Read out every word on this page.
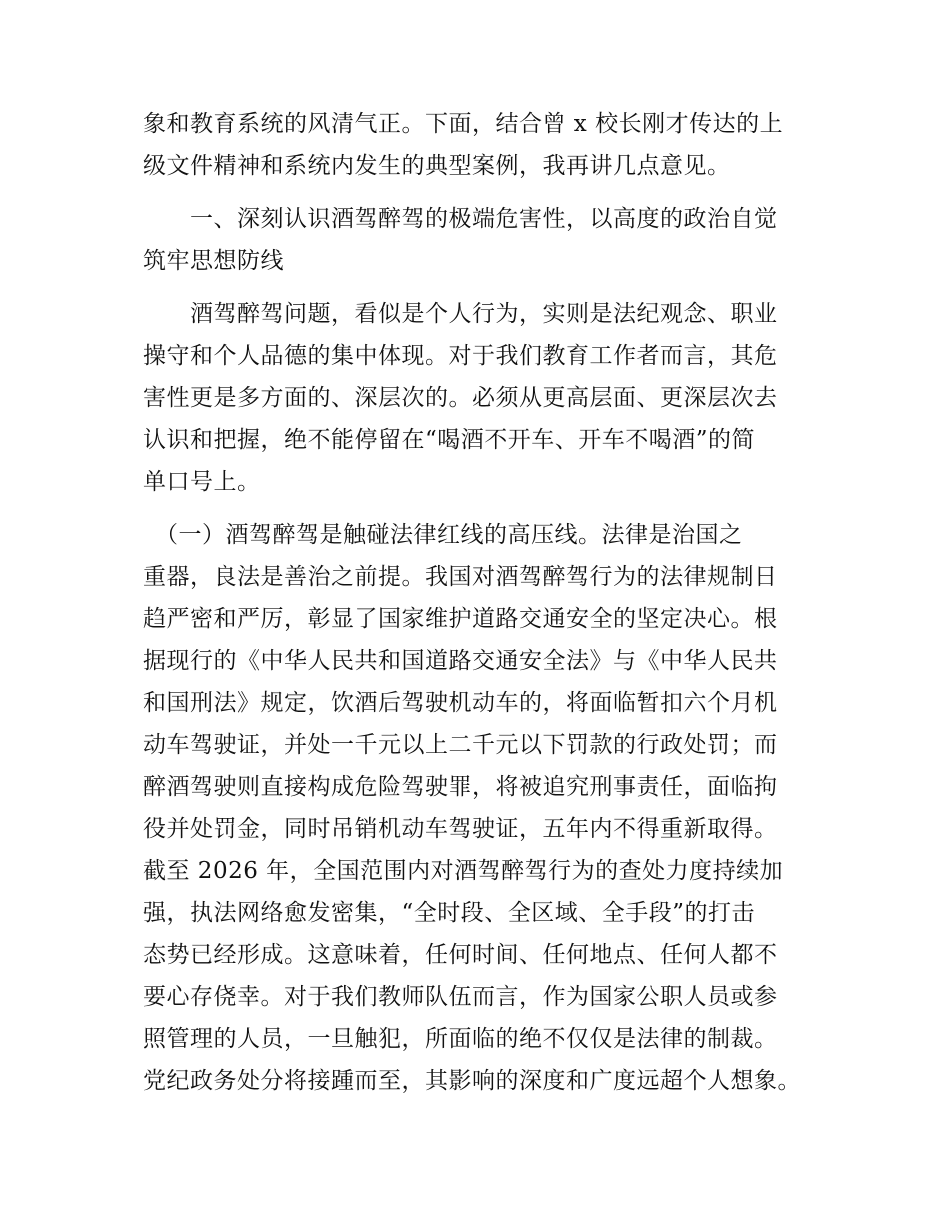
象和教育系统的风清气正。下面，结合曾 x 校长刚才传达的上
级文件精神和系统内发生的典型案例，我再讲几点意见。
　　一、深刻认识酒驾醉驾的极端危害性，以高度的政治自觉
筑牢思想防线
　　酒驾醉驾问题，看似是个人行为，实则是法纪观念、职业
操守和个人品德的集中体现。对于我们教育工作者而言，其危
害性更是多方面的、深层次的。必须从更高层面、更深层次去
认识和把握，绝不能停留在“喝酒不开车、开车不喝酒”的简
单口号上。
　（一）酒驾醉驾是触碰法律红线的高压线。法律是治国之
重器，良法是善治之前提。我国对酒驾醉驾行为的法律规制日
趋严密和严厉，彰显了国家维护道路交通安全的坚定决心。根
据现行的《中华人民共和国道路交通安全法》与《中华人民共
和国刑法》规定，饮酒后驾驶机动车的，将面临暂扣六个月机
动车驾驶证，并处一千元以上二千元以下罚款的行政处罚；而
醉酒驾驶则直接构成危险驾驶罪，将被追究刑事责任，面临拘
役并处罚金，同时吊销机动车驾驶证，五年内不得重新取得。
截至 2026 年，全国范围内对酒驾醉驾行为的查处力度持续加
强，执法网络愈发密集，“全时段、全区域、全手段”的打击
态势已经形成。这意味着，任何时间、任何地点、任何人都不
要心存侥幸。对于我们教师队伍而言，作为国家公职人员或参
照管理的人员，一旦触犯，所面临的绝不仅仅是法律的制裁。
党纪政务处分将接踵而至，其影响的深度和广度远超个人想象。
